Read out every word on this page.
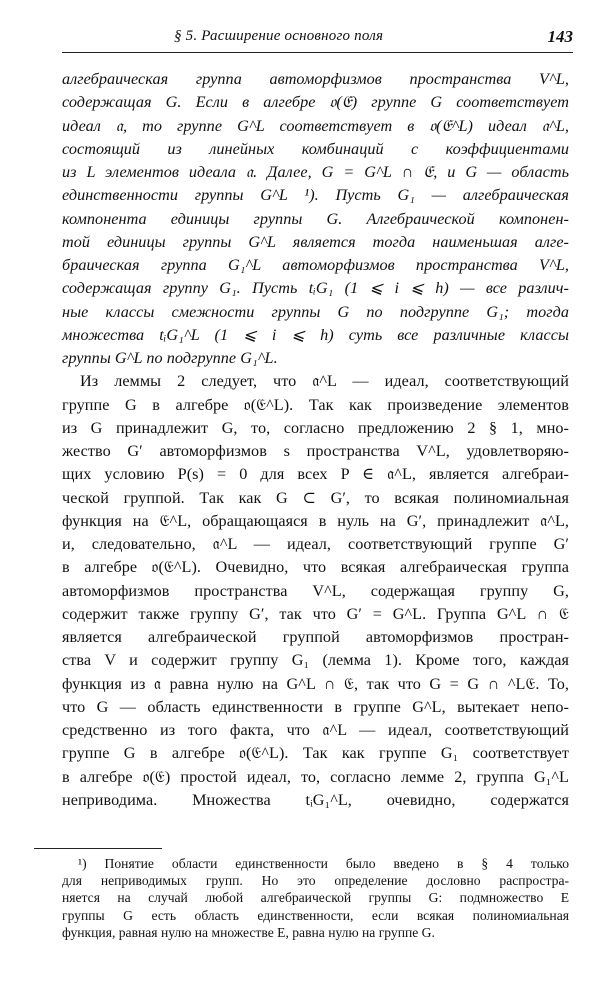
§ 5. Расширение основного поля	143
алгебраическая группа автоморфизмов пространства V^L,
содержащая G. Если в алгебре 𝔬(𝔈) группе G соответствует
идеал 𝔞, то группе G^L соответствует в 𝔬(𝔈^L) идеал 𝔞^L,
состоящий из линейных комбинаций с коэффициентами
из L элементов идеала 𝔞. Далее, G = G^L ∩ 𝔈, и G — область
единственности группы G^L ¹). Пусть G₁ — алгебраическая
компонента единицы группы G. Алгебраической компонен-
той единицы группы G^L является тогда наименьшая алге-
браическая группа G₁^L автоморфизмов пространства V^L,
содержащая группу G₁. Пусть tᵢG₁ (1 ⩽ i ⩽ h) — все различ-
ные классы смежности группы G по подгруппе G₁; тогда
множества tᵢG₁^L (1 ⩽ i ⩽ h) суть все различные классы
группы G^L по подгруппе G₁^L.
Из леммы 2 следует, что 𝔞^L — идеал, соответствующий
группе G в алгебре 𝔬(𝔈^L). Так как произведение элементов
из G принадлежит G, то, согласно предложению 2 § 1, мно-
жество G′ автоморфизмов s пространства V^L, удовлетворяю-
щих условию P(s) = 0 для всех P ∈ 𝔞^L, является алгебраи-
ческой группой. Так как G ⊂ G′, то всякая полиномиальная
функция на 𝔈^L, обращающаяся в нуль на G′, принадлежит 𝔞^L,
и, следовательно, 𝔞^L — идеал, соответствующий группе G′
в алгебре 𝔬(𝔈^L). Очевидно, что всякая алгебраическая группа
автоморфизмов пространства V^L, содержащая группу G,
содержит также группу G′, так что G′ = G^L. Группа G^L ∩ 𝔈
является алгебраической группой автоморфизмов простран-
ства V и содержит группу G₁ (лемма 1). Кроме того, каждая
функция из 𝔞 равна нулю на G^L ∩ 𝔈, так что G = G ∩ ^L𝔈. То,
что G — область единственности в группе G^L, вытекает непо-
средственно из того факта, что 𝔞^L — идеал, соответствующий
группе G в алгебре 𝔬(𝔈^L). Так как группе G₁ соответствует
в алгебре 𝔬(𝔈) простой идеал, то, согласно лемме 2, группа G₁^L
неприводима. Множества tᵢG₁^L, очевидно, содержатся
¹) Понятие области единственности было введено в § 4 только
для неприводимых групп. Но это определение дословно распростра-
няется на случай любой алгебраической группы G: подмножество E
группы G есть область единственности, если всякая полиномиальная
функция, равная нулю на множестве E, равна нулю на группе G.
